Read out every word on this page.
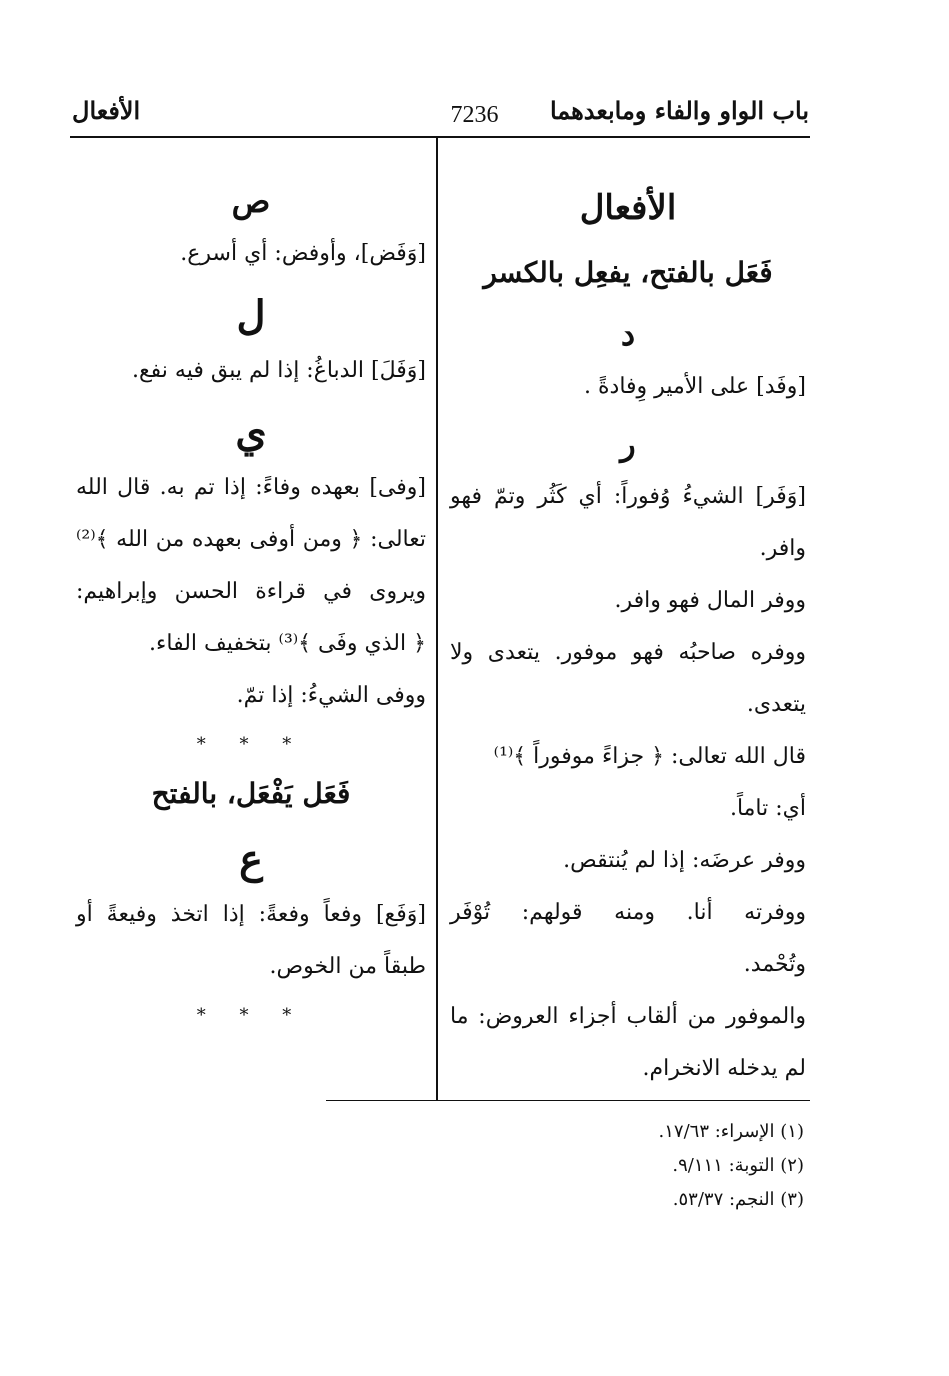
باب الواو والفاء ومابعدهما
7236
الأفعال
الأفعال
فَعَل بالفتح، يفعِل بالكسر
د
[وفَد] على الأمير وِفادةً .
ر
[وَفَر] الشيءُ وُفوراً: أي كَثُر وتمّ فهو
وافر.
ووفر المال فهو وافر.
ووفره صاحبُه فهو موفور. يتعدى ولا
يتعدى.
قال الله تعالى: ﴿ جزاءً موفوراً ﴾⁽¹⁾
أي: تاماً.
ووفر عرضَه: إذا لم يُنتقص.
ووفرته أنا. ومنه قولهم: تُوْفَر
وتُحْمد.
والموفور من ألقاب أجزاء العروض: ما
لم يدخله الانخرام.
ص
[وَفَض]، وأوفض: أي أسرع.
ل
[وَفَلَ] الدباغُ: إذا لم يبق فيه نفع.
ي
[وفى] بعهده وفاءً: إذا تم به. قال الله
تعالى: ﴿ ومن أوفى بعهده من الله ﴾⁽²⁾
ويروى في قراءة الحسن وإبراهيم:
﴿ الذي وفَى ﴾⁽³⁾ بتخفيف الفاء.
ووفى الشيءُ: إذا تمّ.
* * *
فَعَل يَفْعَل، بالفتح
ع
[وَفَع] وفعاً وفعةً: إذا اتخذ وفيعةً أو
طبقاً من الخوص.
* * *
(١) الإسراء: ١٧/٦٣.
(٢) التوبة: ٩/١١١.
(٣) النجم: ٥٣/٣٧.
